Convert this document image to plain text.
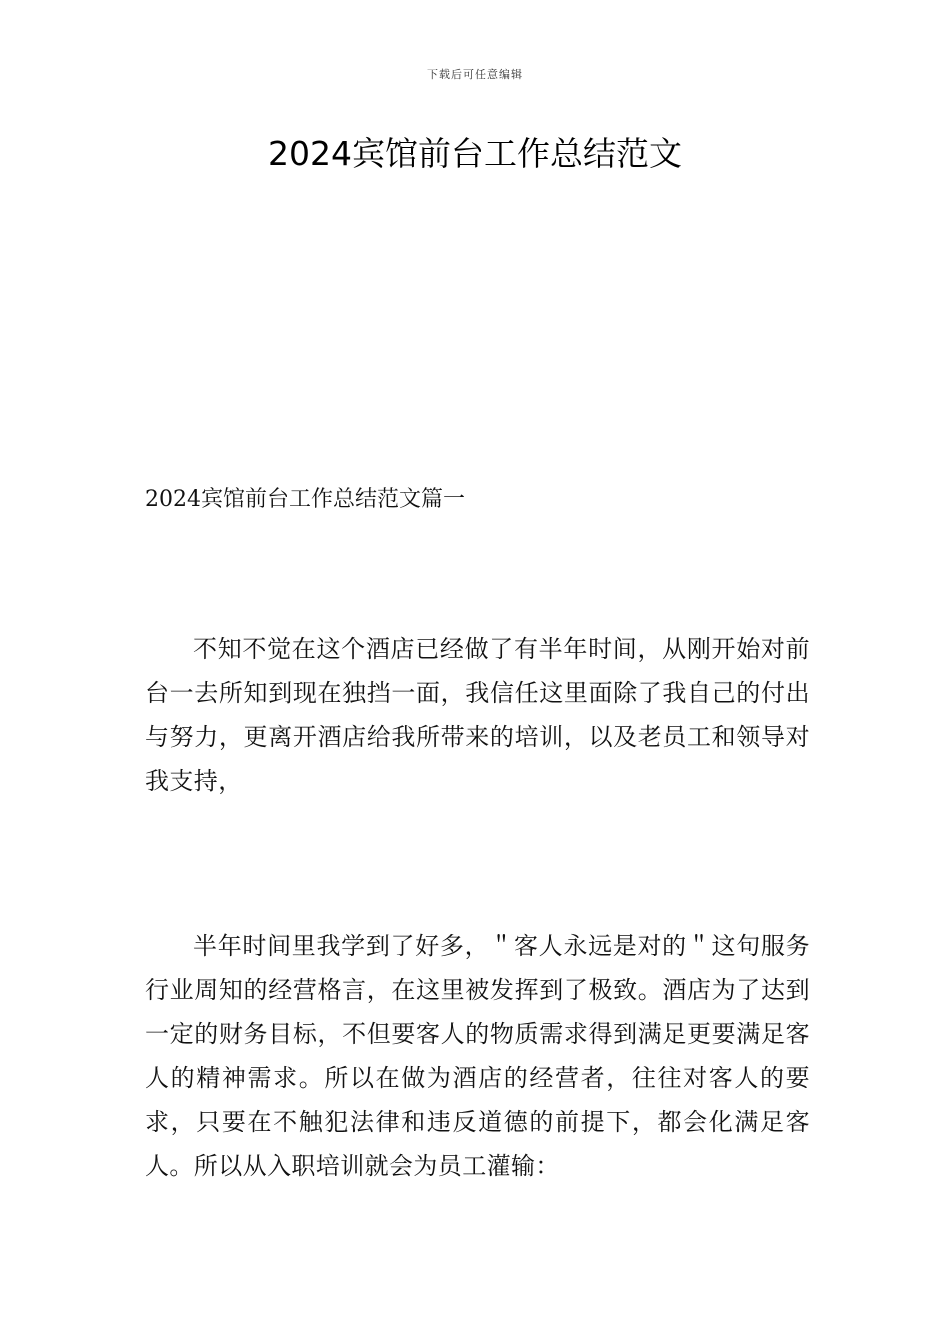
下载后可任意编辑
2024宾馆前台工作总结范文
2024宾馆前台工作总结范文篇一

不知不觉在这个酒店已经做了有半年时间，从刚开始对前台一去所知到现在独挡一面，我信任这里面除了我自己的付出与努力，更离开酒店给我所带来的培训，以及老员工和领导对我支持，

半年时间里我学到了好多，＂客人永远是对的＂这句服务行业周知的经营格言，在这里被发挥到了极致。酒店为了达到一定的财务目标，不但要客人的物质需求得到满足更要满足客人的精神需求。所以在做为酒店的经营者，往往对客人的要求，只要在不触犯法律和违反道德的前提下，都会化满足客人。所以从入职培训就会为员工灌输：
